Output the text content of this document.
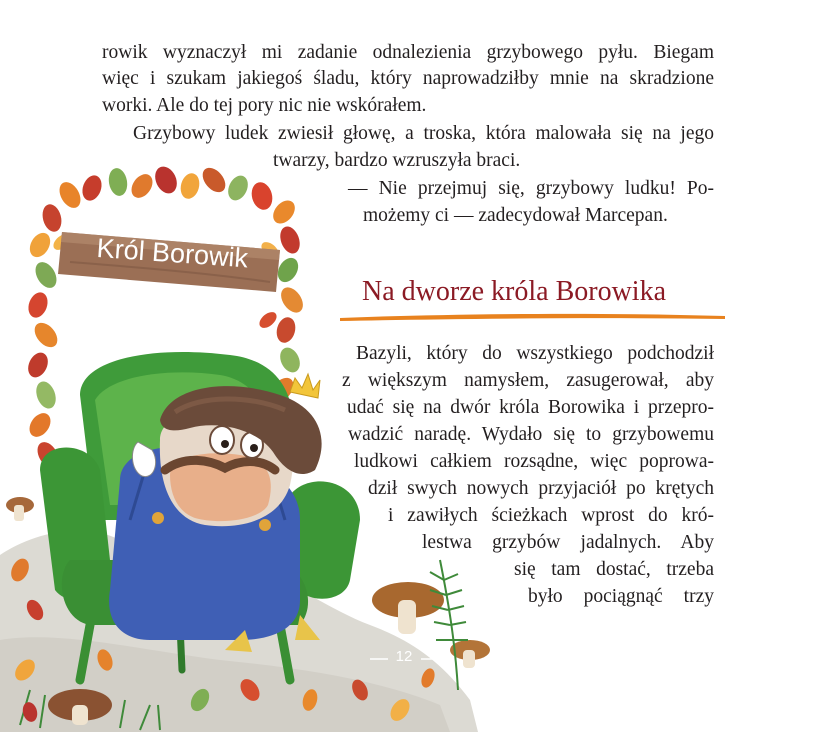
Król Borowik
12
rowik wyznaczył mi zadanie odnalezienia grzybowego pyłu. Biegam
więc i szukam jakiegoś śladu, który naprowadziłby mnie na skradzione
worki. Ale do tej pory nic nie wskórałem.
Grzybowy ludek zwiesił głowę, a troska, która malowała się na jego
twarzy, bardzo wzruszyła braci.
— Nie przejmuj się, grzybowy ludku! Po-
możemy ci — zadecydował Marcepan.
Na dworze króla Borowika
Bazyli, który do wszystkiego podchodził
z większym namysłem, zasugerował, aby
udać się na dwór króla Borowika i przepro-
wadzić naradę. Wydało się to grzybowemu
ludkowi całkiem rozsądne, więc poprowa-
dził swych nowych przyjaciół po krętych
i zawiłych ścieżkach wprost do kró-
lestwa grzybów jadalnych. Aby
się tam dostać, trzeba
było pociągnąć trzy
